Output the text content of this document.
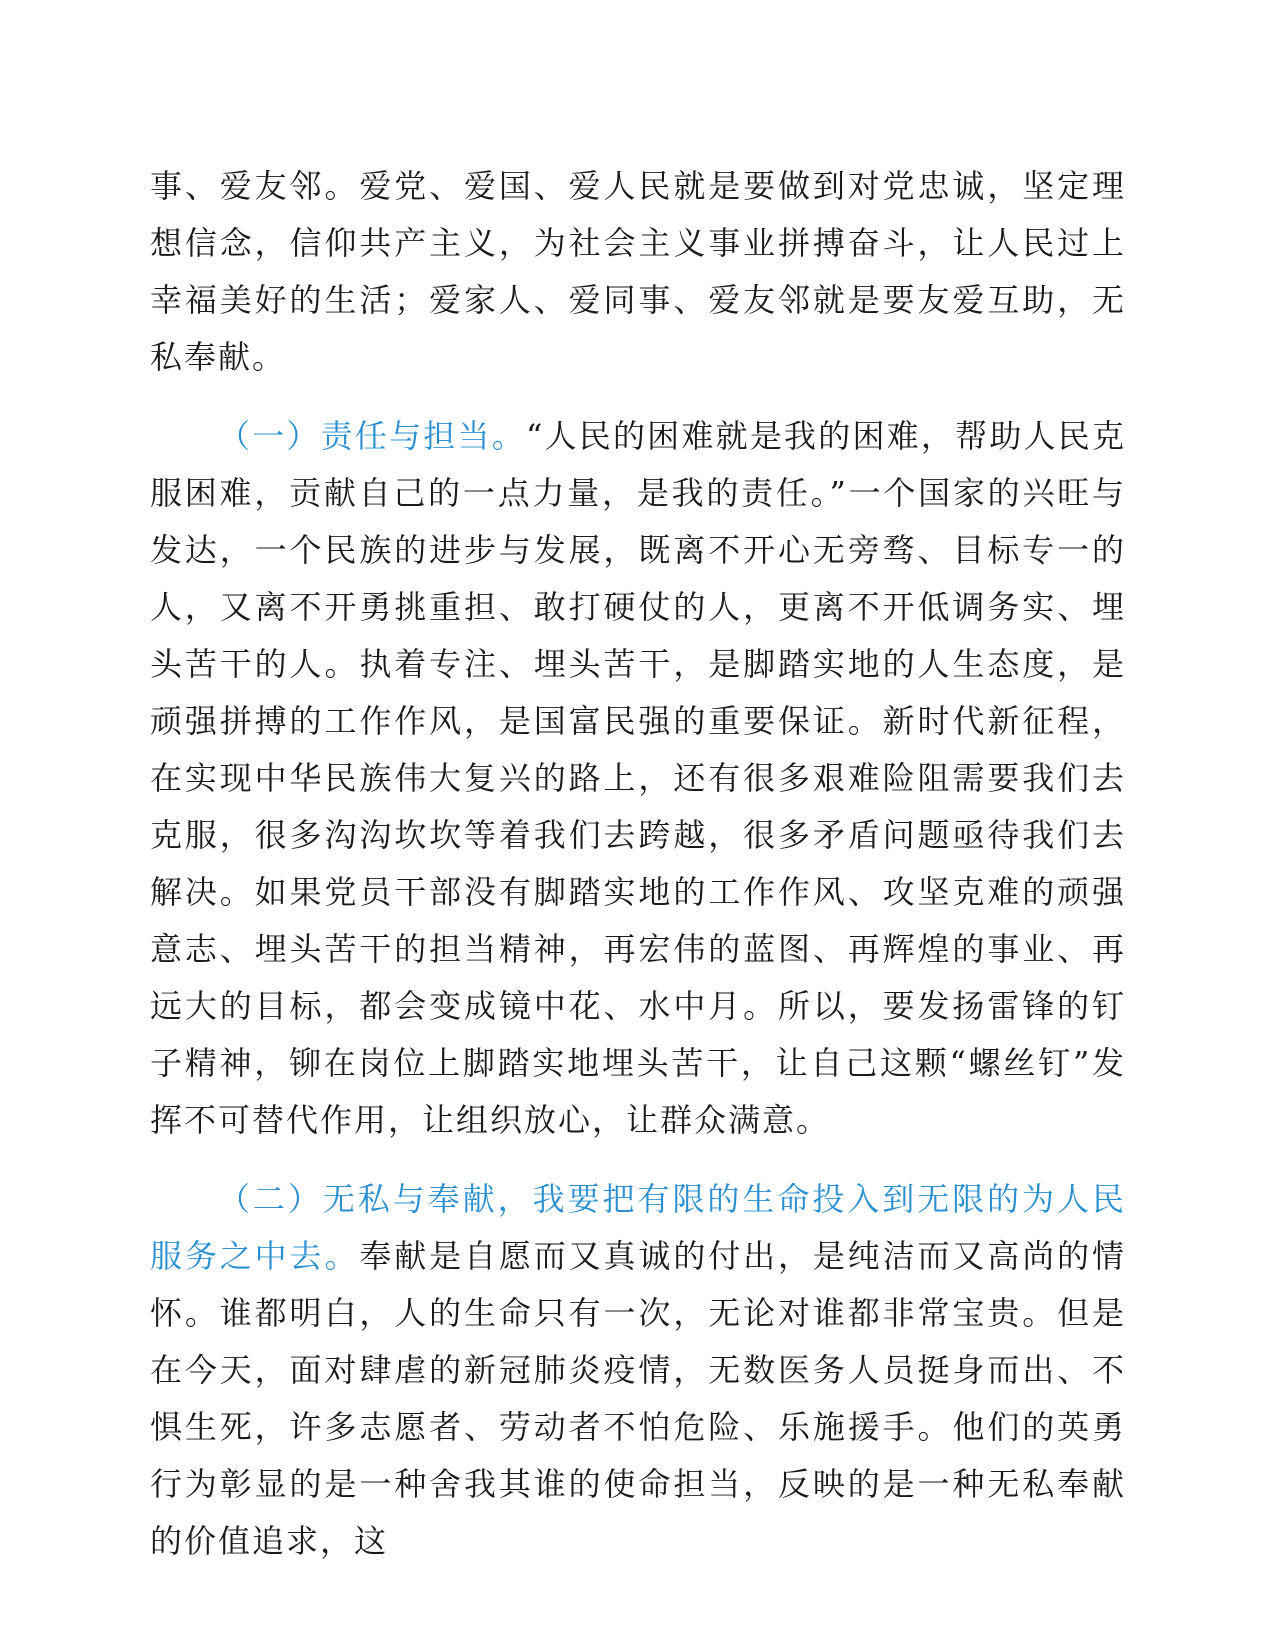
事、爱友邻。爱党、爱国、爱人民就是要做到对党忠诚，坚定理想信念，信仰共产主义，为社会主义事业拼搏奋斗，让人民过上幸福美好的生活；爱家人、爱同事、爱友邻就是要友爱互助，无私奉献。

（一）责任与担当。“人民的困难就是我的困难，帮助人民克服困难，贡献自己的一点力量，是我的责任。”一个国家的兴旺与发达，一个民族的进步与发展，既离不开心无旁骛、目标专一的人，又离不开勇挑重担、敢打硬仗的人，更离不开低调务实、埋头苦干的人。执着专注、埋头苦干，是脚踏实地的人生态度，是顽强拼搏的工作作风，是国富民强的重要保证。新时代新征程，在实现中华民族伟大复兴的路上，还有很多艰难险阻需要我们去克服，很多沟沟坎坎等着我们去跨越，很多矛盾问题亟待我们去解决。如果党员干部没有脚踏实地的工作作风、攻坚克难的顽强意志、埋头苦干的担当精神，再宏伟的蓝图、再辉煌的事业、再远大的目标，都会变成镜中花、水中月。所以，要发扬雷锋的钉子精神，铆在岗位上脚踏实地埋头苦干，让自己这颗“螺丝钉”发挥不可替代作用，让组织放心，让群众满意。

（二）无私与奉献，我要把有限的生命投入到无限的为人民服务之中去。奉献是自愿而又真诚的付出，是纯洁而又高尚的情怀。谁都明白，人的生命只有一次，无论对谁都非常宝贵。但是在今天，面对肆虐的新冠肺炎疫情，无数医务人员挺身而出、不惧生死，许多志愿者、劳动者不怕危险、乐施援手。他们的英勇行为彰显的是一种舍我其谁的使命担当，反映的是一种无私奉献的价值追求，这
